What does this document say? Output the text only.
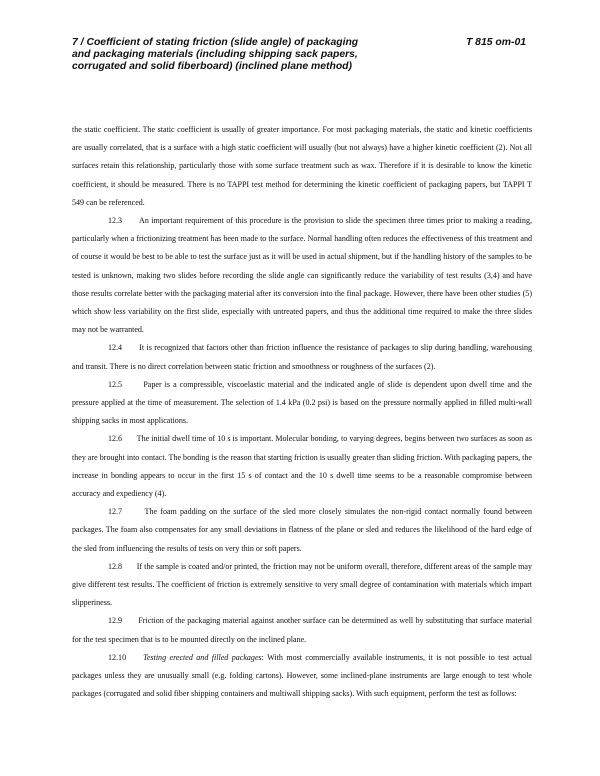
7 / Coefficient of stating friction (slide angle) of packaging
and packaging materials (including shipping sack papers,
corrugated and solid fiberboard) (inclined plane method)
T 815 om-01

the static coefficient. The static coefficient is usually of greater importance. For most packaging materials, the static and kinetic coefficients are usually correlated, that is a surface with a high static coefficient will usually (but not always) have a higher kinetic coefficient (2). Not all surfaces retain this relationship, particularly those with some surface treatment such as wax. Therefore if it is desirable to know the kinetic coefficient, it should be measured. There is no TAPPI test method for determining the kinetic coefficient of packaging papers, but TAPPI T 549 can be referenced.

12.3 An important requirement of this procedure is the provision to slide the specimen three times prior to making a reading, particularly when a frictionizing treatment has been made to the surface. Normal handling often reduces the effectiveness of this treatment and of course it would be best to be able to test the surface just as it will be used in actual shipment, but if the handling history of the samples to be tested is unknown, making two slides before recording the slide angle can significantly reduce the variability of test results (3,4) and have those results correlate better with the packaging material after its conversion into the final package. However, there have been other studies (5) which show less variability on the first slide, especially with untreated papers, and thus the additional time required to make the three slides may not be warranted.

12.4 It is recognized that factors other than friction influence the resistance of packages to slip during handling, warehousing and transit. There is no direct correlation between static friction and smoothness or roughness of the surfaces (2).

12.5	Paper is a compressible, viscoelastic material and the indicated angle of slide is dependent upon dwell time and the pressure applied at the time of measurement. The selection of 1.4 kPa (0.2 psi) is based on the pressure normally applied in filled multi-wall shipping sacks in most applications.

12.6 The initial dwell time of 10 s is important. Molecular bonding, to varying degrees, begins between two surfaces as soon as they are brought into contact. The bonding is the reason that starting friction is usually greater than sliding friction. With packaging papers, the increase in bonding appears to occur in the first 15 s of contact and the 10 s dwell time seems to be a reasonable compromise between accuracy and expediency (4).

12.7	The foam padding on the surface of the sled more closely simulates the non-rigid contact normally found between packages. The foam also compensates for any small deviations in flatness of the plane or sled and reduces the likelihood of the hard edge of the sled from influencing the results of tests on very thin or soft papers.

12.8 If the sample is coated and/or printed, the friction may not be uniform overall, therefore, different areas of the sample may give different test results. The coefficient of friction is extremely sensitive to very small degree of contamination with materials which impart slipperiness.

12.9 Friction of the packaging material against another surface can be determined as well by substituting that surface material for the test specimen that is to be mounted directly on the inclined plane.

12.10 Testing erected and filled packages: With most commercially available instruments, it is not possible to test actual packages unless they are unusually small (e.g. folding cartons). However, some inclined-plane instruments are large enough to test whole packages (corrugated and solid fiber shipping containers and multiwall shipping sacks). With such equipment, perform the test as follows:
